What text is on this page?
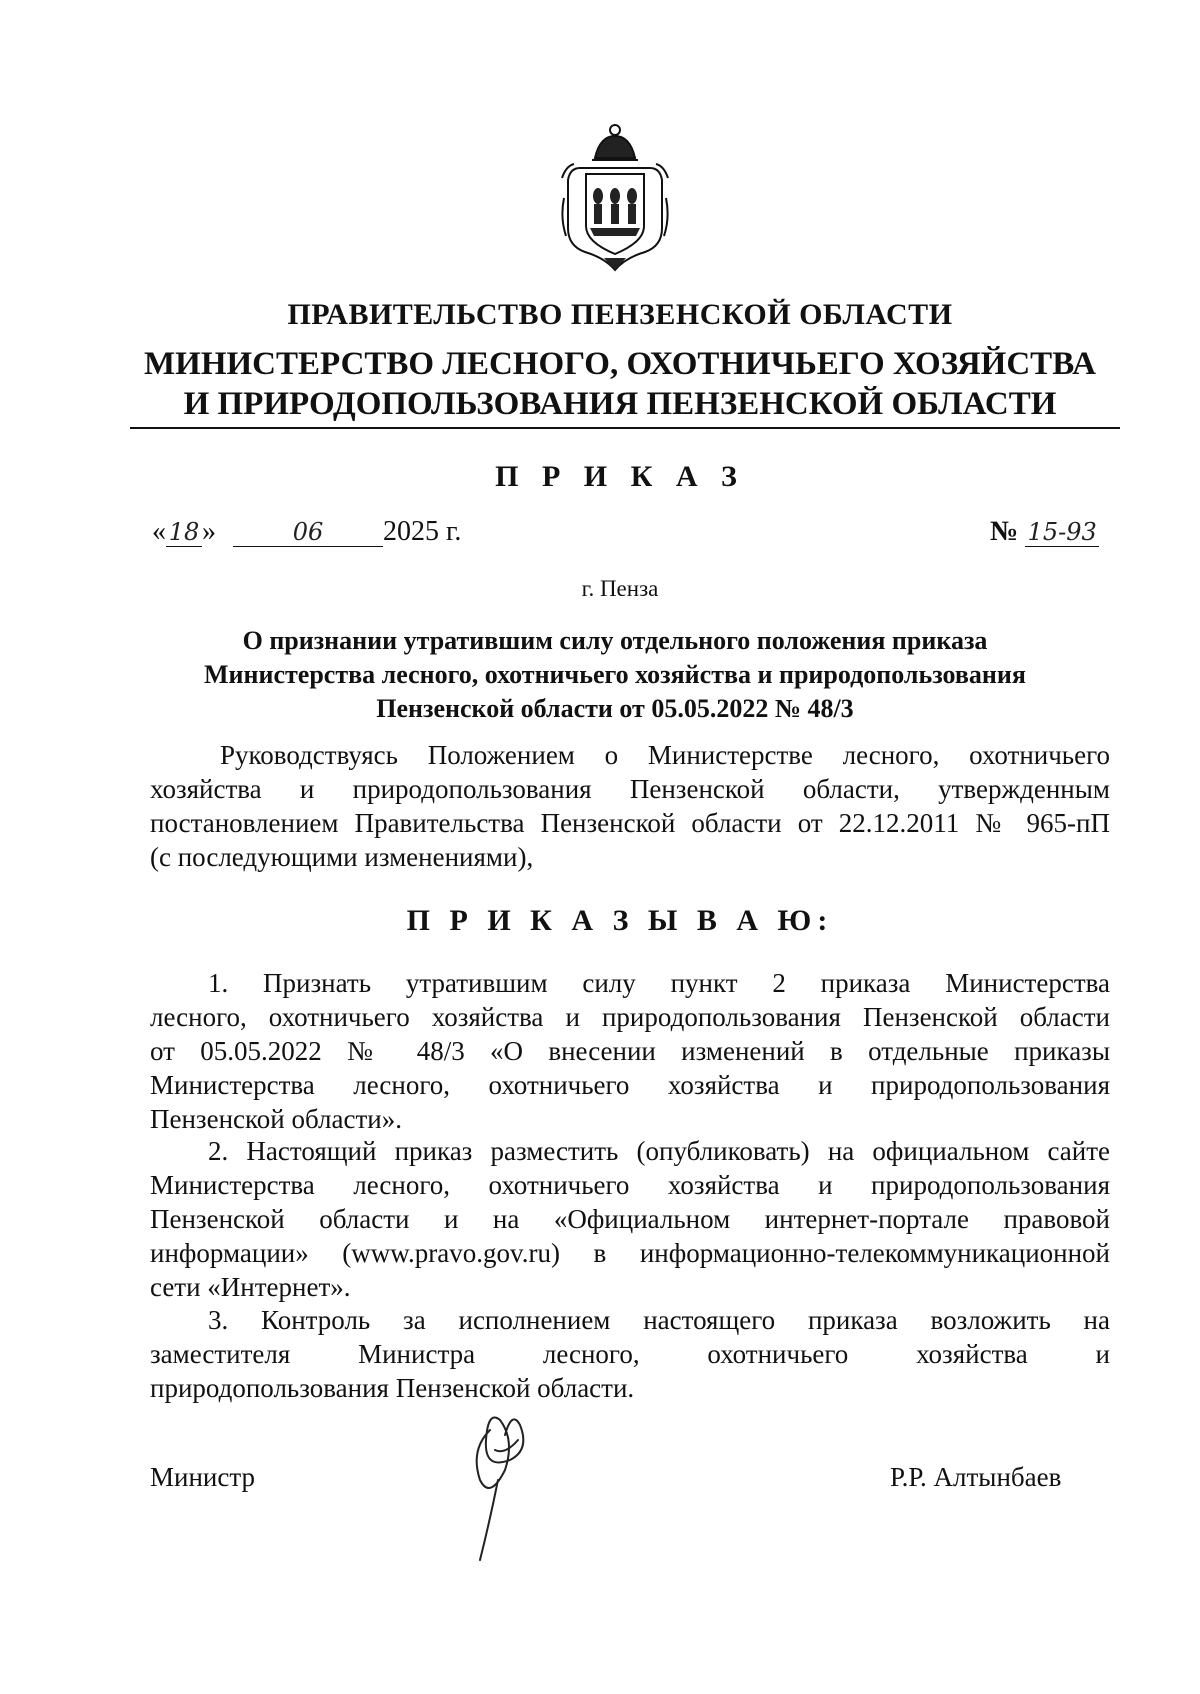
ПРАВИТЕЛЬСТВО ПЕНЗЕНСКОЙ ОБЛАСТИ
МИНИСТЕРСТВО ЛЕСНОГО, ОХОТНИЧЬЕГО ХОЗЯЙСТВА
И ПРИРОДОПОЛЬЗОВАНИЯ ПЕНЗЕНСКОЙ ОБЛАСТИ
П Р И К А З
« 18»	06 2025 г.	№ 15-93
г. Пенза
О признании утратившим силу отдельного положения приказа
Министерства лесного, охотничьего хозяйства и природопользования
Пензенской области от 05.05.2022 № 48/3
Руководствуясь Положением о Министерстве лесного, охотничьего
хозяйства и природопользования Пензенской области, утвержденным
постановлением Правительства Пензенской области от 22.12.2011 № 965-пП
(с последующими изменениями),
П Р И К А З Ы В А Ю:
1. Признать утратившим силу пункт 2 приказа Министерства
лесного, охотничьего хозяйства и природопользования Пензенской области
от 05.05.2022 № 48/3 «О внесении изменений в отдельные приказы
Министерства лесного, охотничьего хозяйства и природопользования
Пензенской области».
2. Настоящий приказ разместить (опубликовать) на официальном сайте
Министерства лесного, охотничьего хозяйства и природопользования
Пензенской области и на «Официальном интернет-портале правовой
информации» (www.pravo.gov.ru) в информационно-телекоммуникационной
сети «Интернет».
3. Контроль за исполнением настоящего приказа возложить на
заместителя Министра лесного, охотничьего хозяйства и
природопользования Пензенской области.
Министр	Р.Р. Алтынбаев
